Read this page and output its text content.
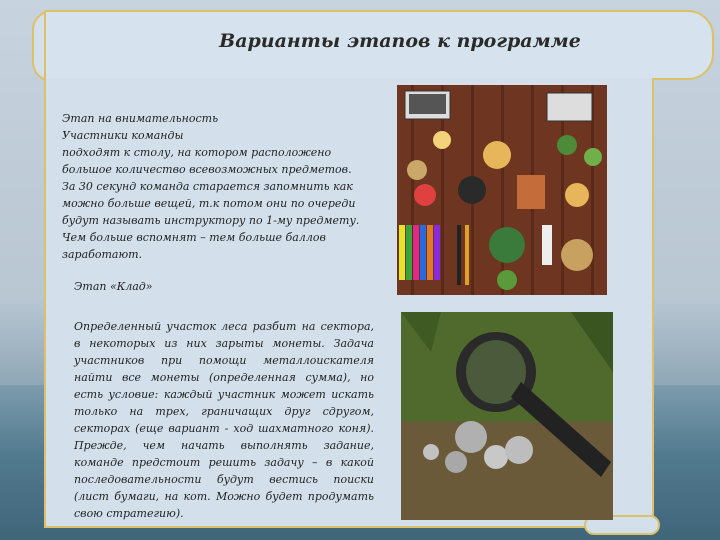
Варианты этапов к программе
Этап на внимательность
Участники команды
подходят к столу, на котором расположено
большое количество всевозможных предметов.
За 30 секунд команда старается запомнить как
можно больше вещей, т.к потом они по очереди
будут называть инструктору по 1-му предмету.
Чем больше вспомнят – тем больше баллов
заработают.
Этап «Клад»
Определенный участок леса разбит на сектора, в некоторых из них зарыты монеты. Задача участников при помощи металлоискателя найти все монеты (определенная сумма), но есть условие: каждый участник может искать только на трех, граничащих друг сдругом, секторах (еще вариант - ход шахматного коня). Прежде, чем начать выполнять задание, команде предстоит решить задачу – в какой последовательности будут вестись поиски (лист бумаги, на кот. Можно будет продумать свою стратегию).
